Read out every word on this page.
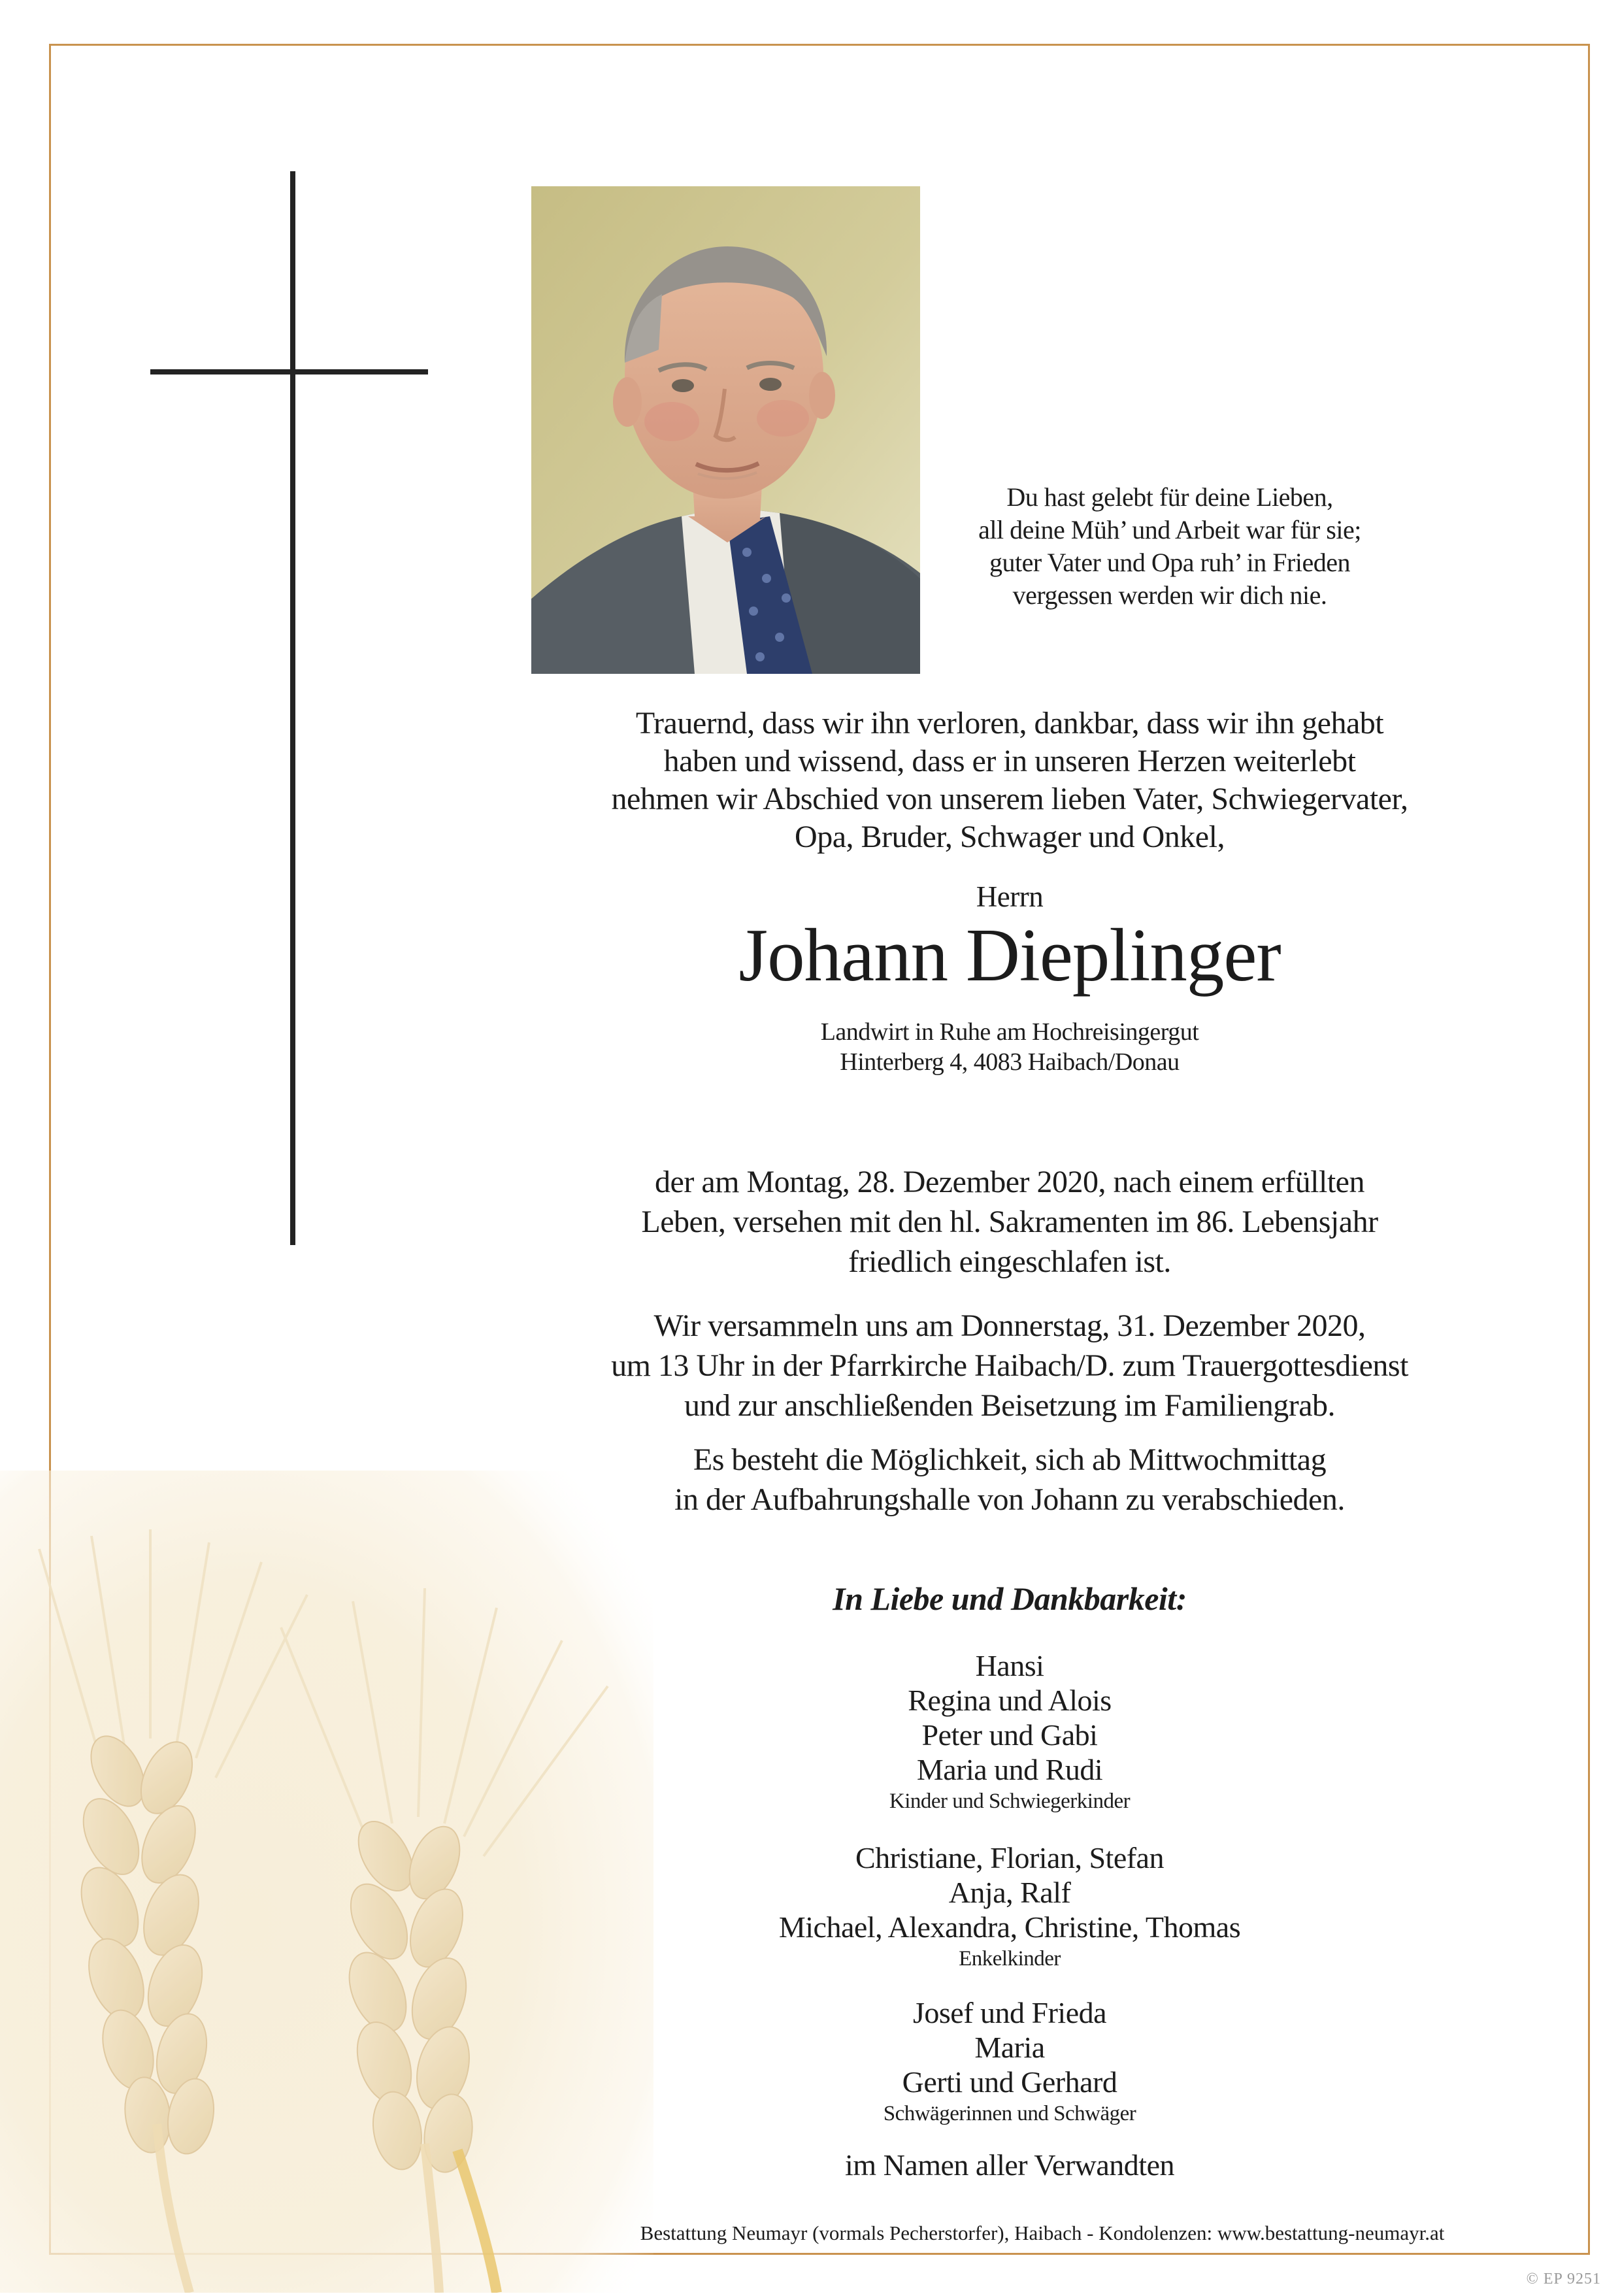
Du hast gelebt für deine Lieben,
all deine Müh’ und Arbeit war für sie;
guter Vater und Opa ruh’ in Frieden
vergessen werden wir dich nie.
Trauernd, dass wir ihn verloren, dankbar, dass wir ihn gehabt
haben und wissend, dass er in unseren Herzen weiterlebt
nehmen wir Abschied von unserem lieben Vater, Schwiegervater,
Opa, Bruder, Schwager und Onkel,
Herrn
Johann Dieplinger
Landwirt in Ruhe am Hochreisingergut
Hinterberg 4, 4083 Haibach/Donau
der am Montag, 28. Dezember 2020, nach einem erfüllten
Leben, versehen mit den hl. Sakramenten im 86. Lebensjahr
friedlich eingeschlafen ist.
Wir versammeln uns am Donnerstag, 31. Dezember 2020,
um 13 Uhr in der Pfarrkirche Haibach/D. zum Trauergottesdienst
und zur anschließenden Beisetzung im Familiengrab.
Es besteht die Möglichkeit, sich ab Mittwochmittag
in der Aufbahrungshalle von Johann zu verabschieden.
In Liebe und Dankbarkeit:
Hansi
Regina und Alois
Peter und Gabi
Maria und Rudi
Kinder und Schwiegerkinder
Christiane, Florian, Stefan
Anja, Ralf
Michael, Alexandra, Christine, Thomas
Enkelkinder
Josef und Frieda
Maria
Gerti und Gerhard
Schwägerinnen und Schwäger
im Namen aller Verwandten
Bestattung Neumayr (vormals Pecherstorfer), Haibach - Kondolenzen: www.bestattung-neumayr.at
© EP 9251
